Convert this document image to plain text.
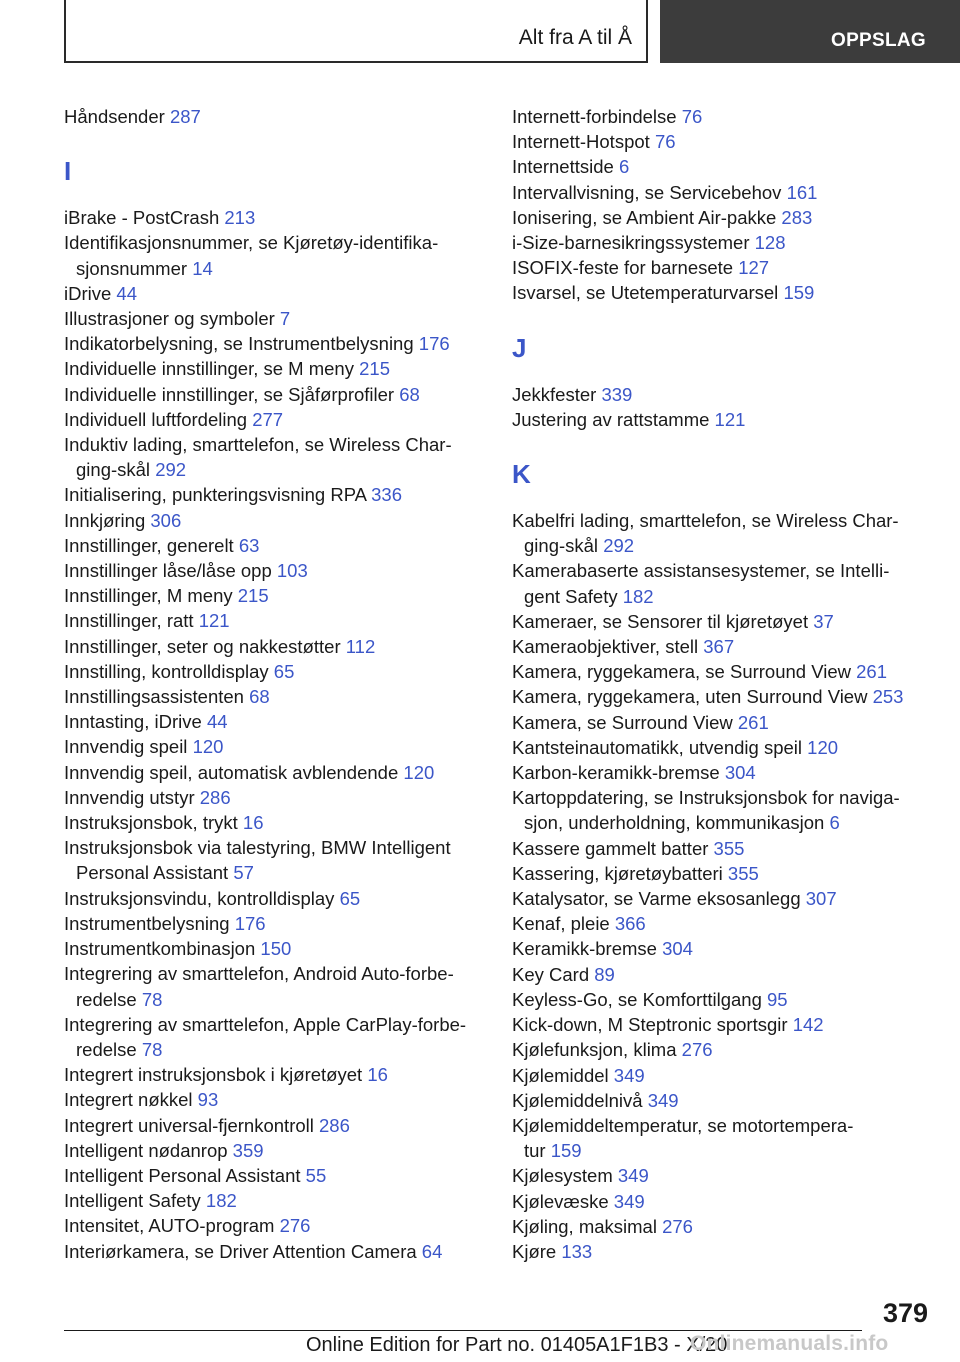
Alt fra A til Å	OPPSLAG

Håndsender 287

I

iBrake - PostCrash 213

Identifikasjonsnummer, se Kjøretøy-identifika-
sjonsnummer 14

iDrive 44

Illustrasjoner og symboler 7

Indikatorbelysning, se Instrumentbelysning 176

Individuelle innstillinger, se M meny 215

Individuelle innstillinger, se Sjåførprofiler 68

Individuell luftfordeling 277

Induktiv lading, smarttelefon, se Wireless Char-
ging-skål 292

Initialisering, punkteringsvisning RPA 336

Innkjøring 306

Innstillinger, generelt 63

Innstillinger låse/låse opp 103

Innstillinger, M meny 215

Innstillinger, ratt 121

Innstillinger, seter og nakkestøtter 112

Innstilling, kontrolldisplay 65

Innstillingsassistenten 68

Inntasting, iDrive 44

Innvendig speil 120

Innvendig speil, automatisk avblendende 120

Innvendig utstyr 286

Instruksjonsbok, trykt 16

Instruksjonsbok via talestyring, BMW Intelligent
Personal Assistant 57

Instruksjonsvindu, kontrolldisplay 65

Instrumentbelysning 176

Instrumentkombinasjon 150

Integrering av smarttelefon, Android Auto-forbe-
redelse 78

Integrering av smarttelefon, Apple CarPlay-forbe-
redelse 78

Integrert instruksjonsbok i kjøretøyet 16

Integrert nøkkel 93

Integrert universal-fjernkontroll 286

Intelligent nødanrop 359

Intelligent Personal Assistant 55

Intelligent Safety 182

Intensitet, AUTO-program 276

Interiørkamera, se Driver Attention Camera 64

Internett-forbindelse 76

Internett-Hotspot 76

Internettside 6

Intervallvisning, se Servicebehov 161

Ionisering, se Ambient Air-pakke 283

i-Size-barnesikringssystemer 128

ISOFIX-feste for barnesete 127

Isvarsel, se Utetemperaturvarsel 159

J

Jekkfester 339

Justering av rattstamme 121

K

Kabelfri lading, smarttelefon, se Wireless Char-
ging-skål 292

Kamerabaserte assistansesystemer, se Intelli-
gent Safety 182

Kameraer, se Sensorer til kjøretøyet 37

Kameraobjektiver, stell 367

Kamera, ryggekamera, se Surround View 261

Kamera, ryggekamera, uten Surround View 253

Kamera, se Surround View 261

Kantsteinautomatikk, utvendig speil 120

Karbon-keramikk-bremse 304

Kartoppdatering, se Instruksjonsbok for naviga-
sjon, underholdning, kommunikasjon 6

Kassere gammelt batter 355

Kassering, kjøretøybatteri 355

Katalysator, se Varme eksosanlegg 307

Kenaf, pleie 366

Keramikk-bremse 304

Key Card 89

Keyless-Go, se Komforttilgang 95

Kick-down, M Steptronic sportsgir 142

Kjølefunksjon, klima 276

Kjølemiddel 349

Kjølemiddelnivå 349

Kjølemiddeltemperatur, se motortempera-
tur 159

Kjølesystem 349

Kjølevæske 349

Kjøling, maksimal 276

Kjøre 133

379
Online Edition for Part no. 01405A1F1B3 - X/20
Onlinemanuals.info
